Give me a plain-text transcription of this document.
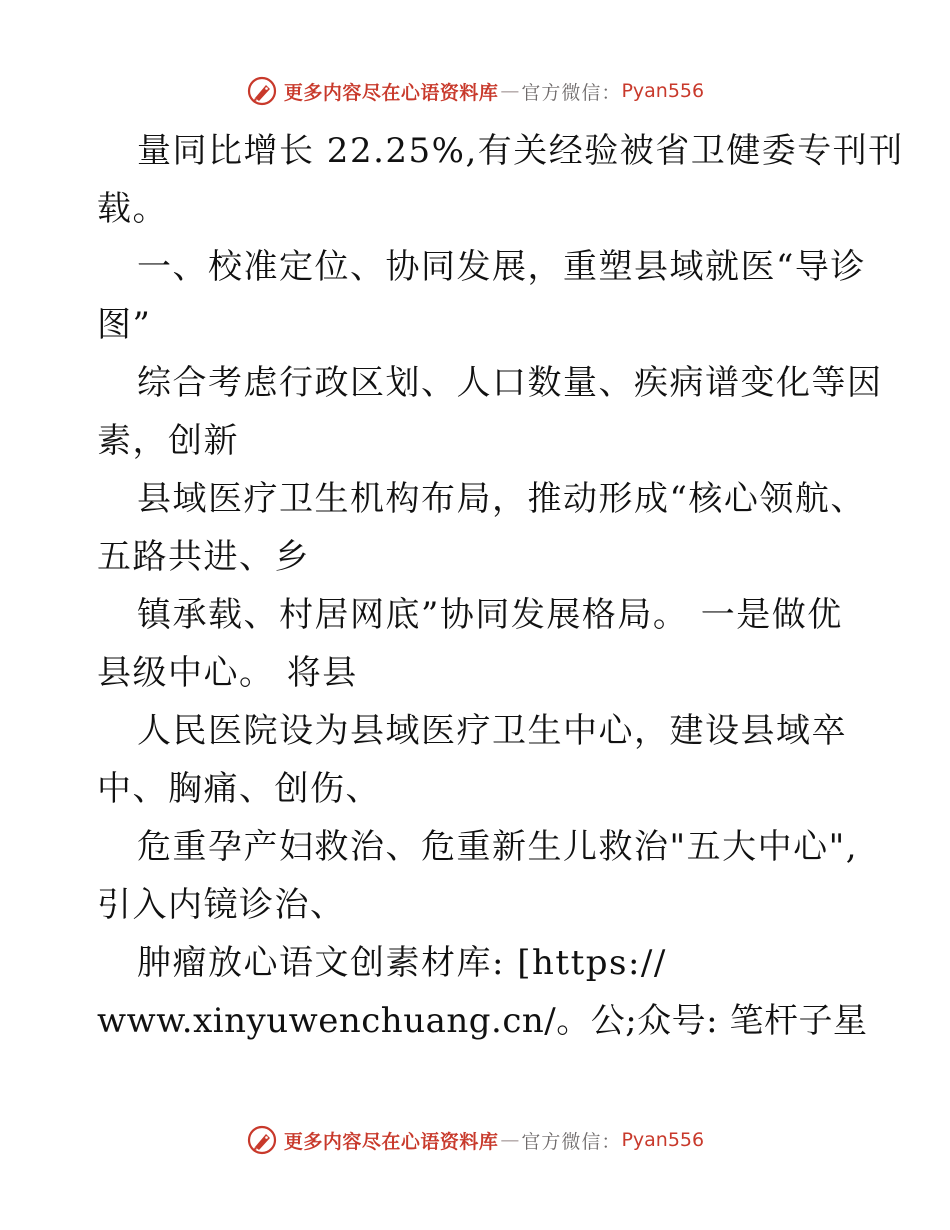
更多内容尽在心语资料库 — 官方微信： Pyan556
量同比增长 22.25%,有关经验被省卫健委专刊刊
载。
一、校准定位、协同发展，重塑县域就医“导诊
图”
综合考虑行政区划、人口数量、疾病谱变化等因
素，创新
县域医疗卫生机构布局，推动形成“核心领航、
五路共进、乡
镇承载、村居网底”协同发展格局。 一是做优
县级中心。 将县
人民医院设为县域医疗卫生中心，建设县域卒
中、胸痛、创伤、
危重孕产妇救治、危重新生儿救治"五大中心",
引入内镜诊治、
肿瘤放心语文创素材库: [https://
www.xinyuwenchuang.cn/。公;众号: 笔杆子星
更多内容尽在心语资料库 — 官方微信： Pyan556
